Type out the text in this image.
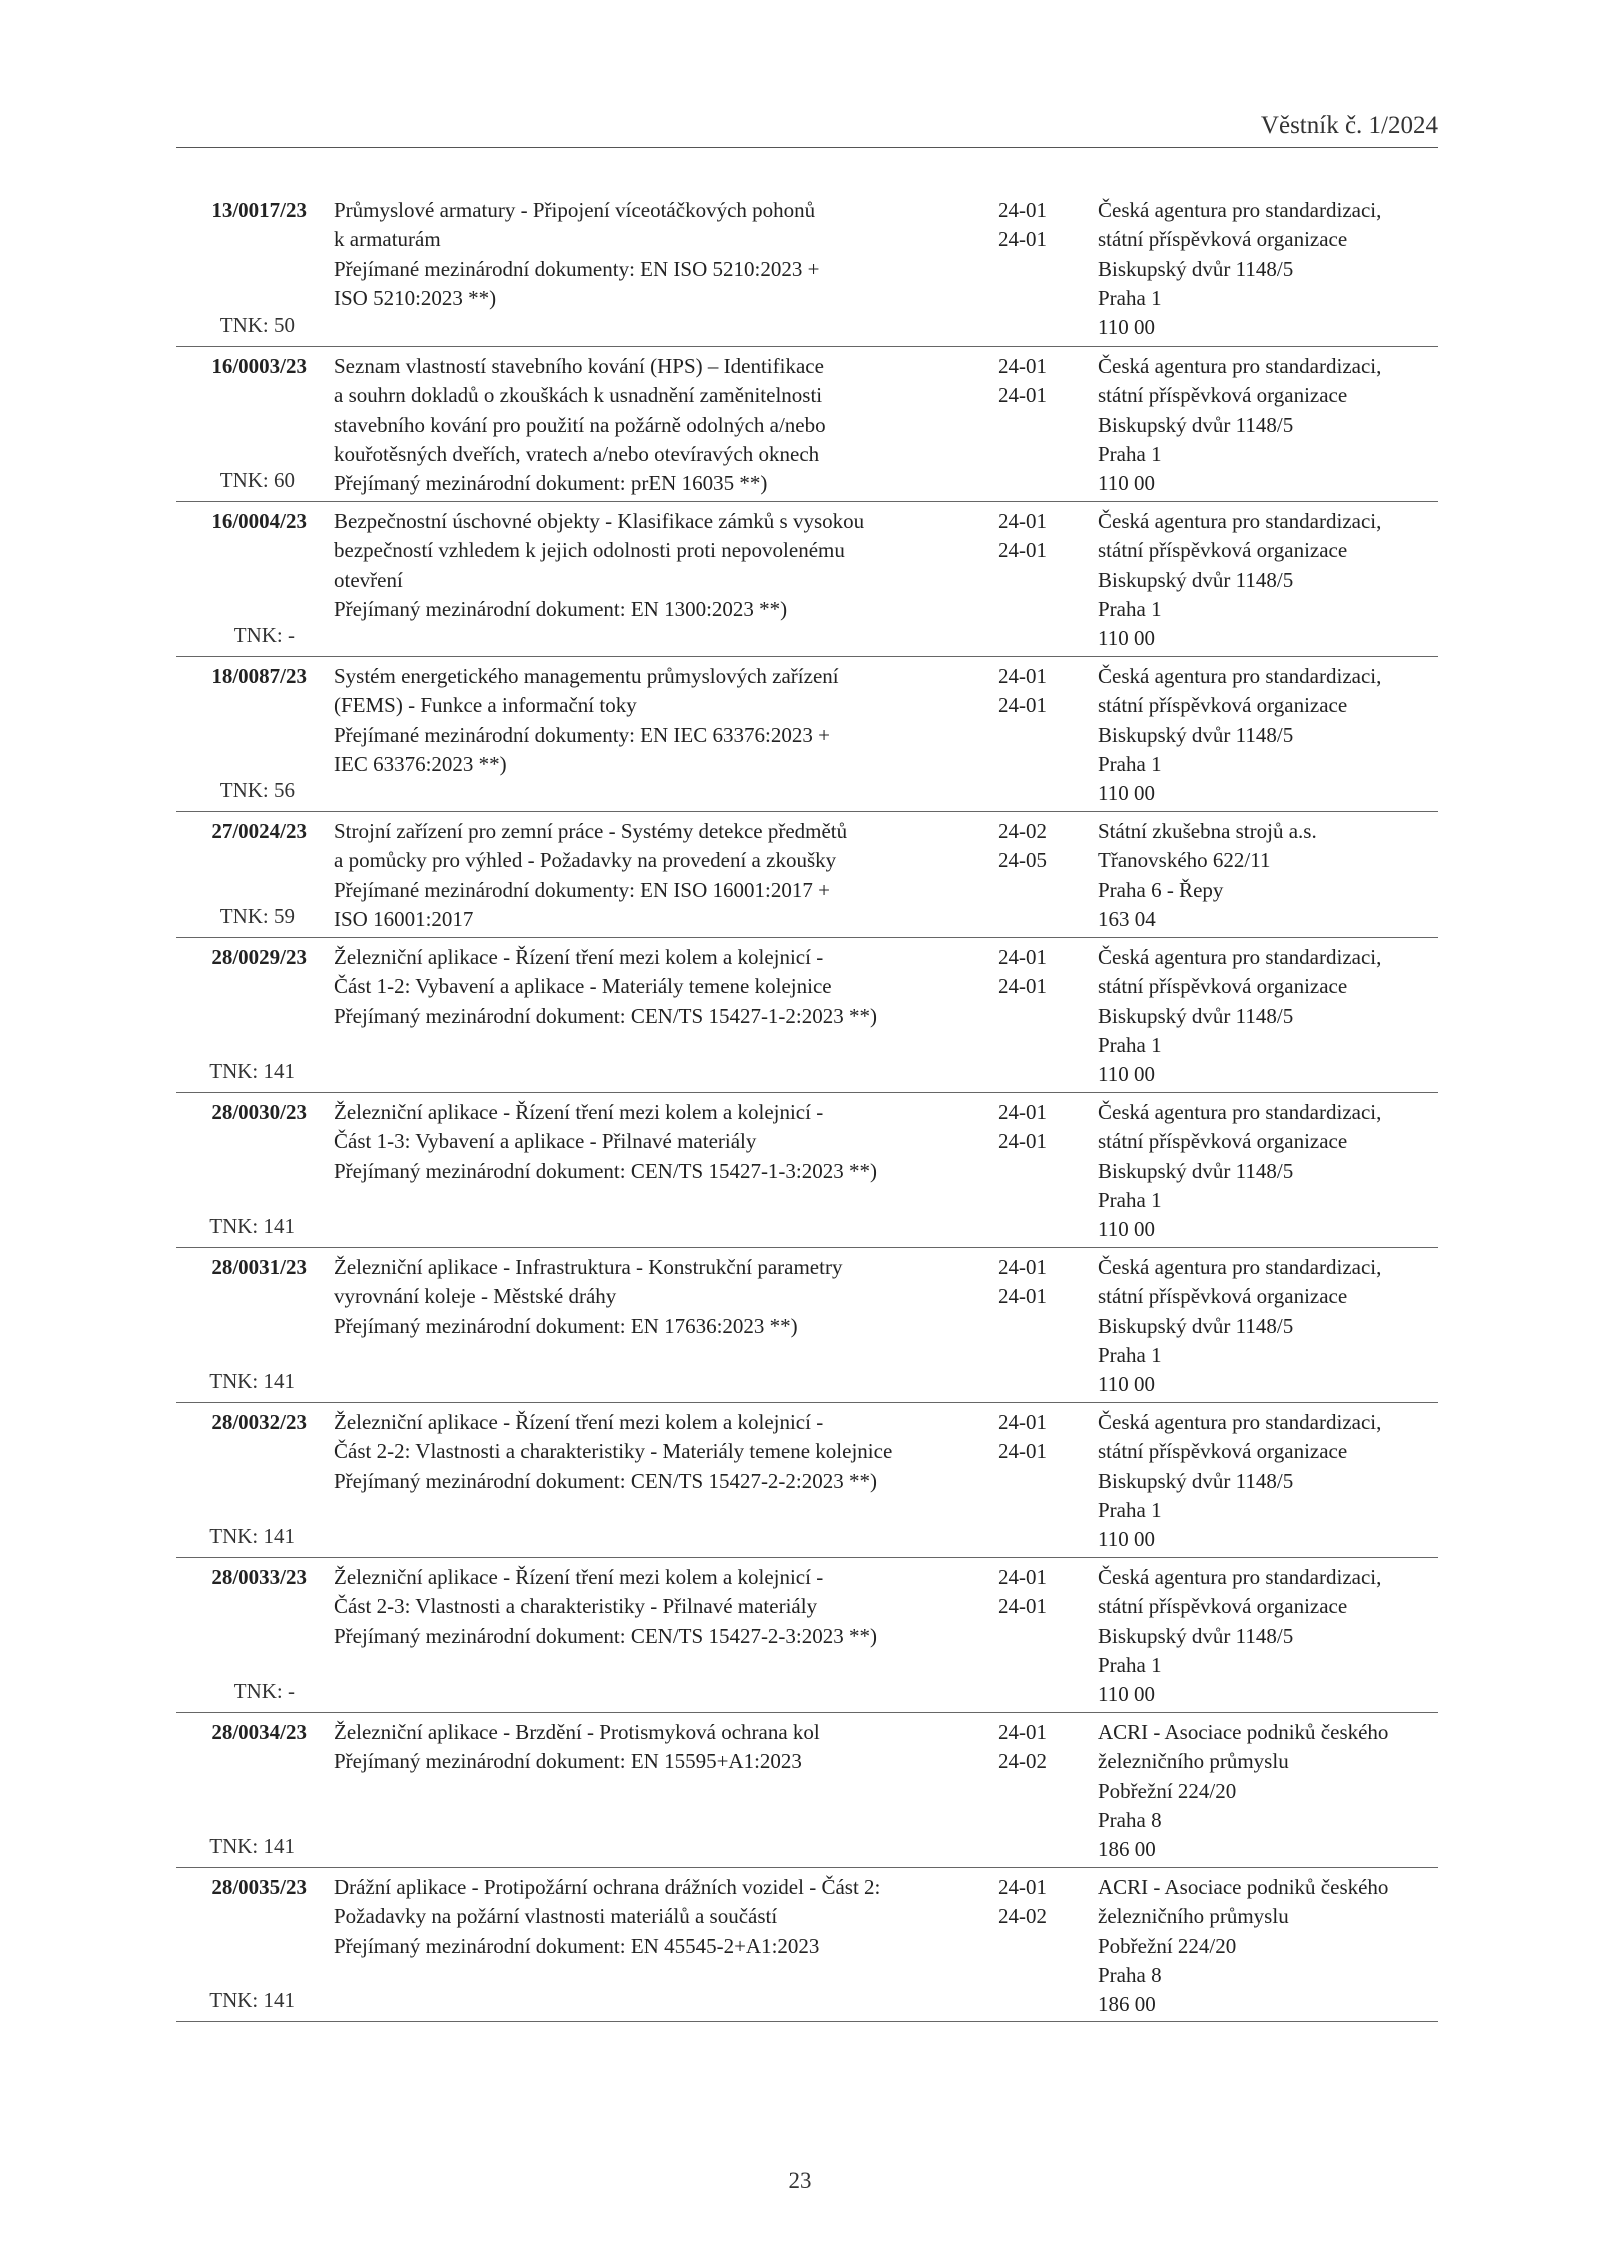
Věstník č. 1/2024
13/0017/23
TNK: 50
Průmyslové armatury - Připojení víceotáčkových pohonů
k armaturám
Přejímané mezinárodní dokumenty: EN ISO 5210:2023 +
ISO 5210:2023 **)
24-01
24-01
Česká agentura pro standardizaci,
státní příspěvková organizace
Biskupský dvůr 1148/5
Praha 1
110 00
16/0003/23
TNK: 60
Seznam vlastností stavebního kování (HPS) – Identifikace
a souhrn dokladů o zkouškách k usnadnění zaměnitelnosti
stavebního kování pro použití na požárně odolných a/nebo
kouřotěsných dveřích, vratech a/nebo otevíravých oknech
Přejímaný mezinárodní dokument: prEN 16035 **)
24-01
24-01
Česká agentura pro standardizaci,
státní příspěvková organizace
Biskupský dvůr 1148/5
Praha 1
110 00
16/0004/23
TNK: -
Bezpečnostní úschovné objekty - Klasifikace zámků s vysokou
bezpečností vzhledem k jejich odolnosti proti nepovolenému
otevření
Přejímaný mezinárodní dokument: EN 1300:2023 **)
24-01
24-01
Česká agentura pro standardizaci,
státní příspěvková organizace
Biskupský dvůr 1148/5
Praha 1
110 00
18/0087/23
TNK: 56
Systém energetického managementu průmyslových zařízení
(FEMS) - Funkce a informační toky
Přejímané mezinárodní dokumenty: EN IEC 63376:2023 +
IEC 63376:2023 **)
24-01
24-01
Česká agentura pro standardizaci,
státní příspěvková organizace
Biskupský dvůr 1148/5
Praha 1
110 00
27/0024/23
TNK: 59
Strojní zařízení pro zemní práce - Systémy detekce předmětů
a pomůcky pro výhled - Požadavky na provedení a zkoušky
Přejímané mezinárodní dokumenty: EN ISO 16001:2017 +
ISO 16001:2017
24-02
24-05
Státní zkušebna strojů a.s.
Třanovského 622/11
Praha 6 - Řepy
163 04
28/0029/23
TNK: 141
Železniční aplikace - Řízení tření mezi kolem a kolejnicí -
Část 1-2: Vybavení a aplikace - Materiály temene kolejnice
Přejímaný mezinárodní dokument: CEN/TS 15427-1-2:2023 **)
24-01
24-01
Česká agentura pro standardizaci,
státní příspěvková organizace
Biskupský dvůr 1148/5
Praha 1
110 00
28/0030/23
TNK: 141
Železniční aplikace - Řízení tření mezi kolem a kolejnicí -
Část 1-3: Vybavení a aplikace - Přilnavé materiály
Přejímaný mezinárodní dokument: CEN/TS 15427-1-3:2023 **)
24-01
24-01
Česká agentura pro standardizaci,
státní příspěvková organizace
Biskupský dvůr 1148/5
Praha 1
110 00
28/0031/23
TNK: 141
Železniční aplikace - Infrastruktura - Konstrukční parametry
vyrovnání koleje - Městské dráhy
Přejímaný mezinárodní dokument: EN 17636:2023 **)
24-01
24-01
Česká agentura pro standardizaci,
státní příspěvková organizace
Biskupský dvůr 1148/5
Praha 1
110 00
28/0032/23
TNK: 141
Železniční aplikace - Řízení tření mezi kolem a kolejnicí -
Část 2-2: Vlastnosti a charakteristiky - Materiály temene kolejnice
Přejímaný mezinárodní dokument: CEN/TS 15427-2-2:2023 **)
24-01
24-01
Česká agentura pro standardizaci,
státní příspěvková organizace
Biskupský dvůr 1148/5
Praha 1
110 00
28/0033/23
TNK: -
Železniční aplikace - Řízení tření mezi kolem a kolejnicí -
Část 2-3: Vlastnosti a charakteristiky - Přilnavé materiály
Přejímaný mezinárodní dokument: CEN/TS 15427-2-3:2023 **)
24-01
24-01
Česká agentura pro standardizaci,
státní příspěvková organizace
Biskupský dvůr 1148/5
Praha 1
110 00
28/0034/23
TNK: 141
Železniční aplikace - Brzdění - Protismyková ochrana kol
Přejímaný mezinárodní dokument: EN 15595+A1:2023
24-01
24-02
ACRI - Asociace podniků českého
železničního průmyslu
Pobřežní 224/20
Praha 8
186 00
28/0035/23
TNK: 141
Drážní aplikace - Protipožární ochrana drážních vozidel - Část 2:
Požadavky na požární vlastnosti materiálů a součástí
Přejímaný mezinárodní dokument: EN 45545-2+A1:2023
24-01
24-02
ACRI - Asociace podniků českého
železničního průmyslu
Pobřežní 224/20
Praha 8
186 00
23
